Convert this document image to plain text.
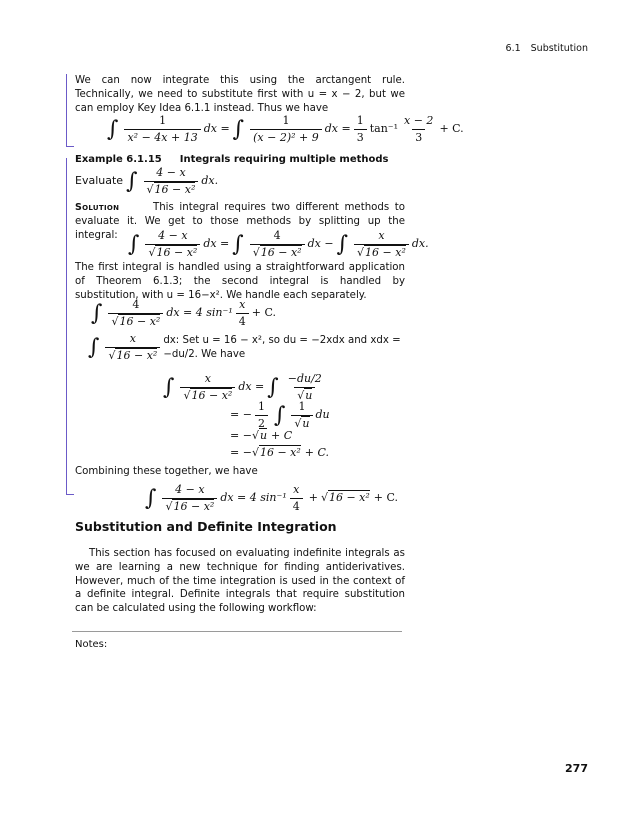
6.1 Substitution
We can now integrate this using the arctangent rule. Technically, we need to substitute first with u = x − 2, but we can employ Key Idea 6.1.1 instead. Thus we have
∫ $\frac{1}{\text{x² − 4x + 13}}$ dx = ∫ $\frac{1}{\text{(x − 2)² + 9}}$ dx = $\frac{1}{3} \tan^{-1} \frac{x - 2}{3} + C$.
Example 6.1.15 Integrals requiring multiple methods
Evaluate ∫ $\frac{4 - x}{\text{√16 − x²}}$ dx.
Solution	This integral requires two different methods to evaluate it. We get to those methods by splitting up the integral: ∫ $\frac{4 - x}{\text{√16 − x²}}$ dx = ∫ $\frac{4}{\text{√16 − x²}}$ dx − ∫ $\frac{x}{\text{√16 − x²}}$ dx.
The first integral is handled using a straightforward application of Theorem 6.1.3; the second integral is handled by substitution, with u = 16−x². We handle each separately.
∫ $\frac{4}{\text{√16 − x²}}$ dx = 4 $\sin^{-1} \frac{x}{4} + C$.
∫ $\frac{x}{\text{√16 − x²}}$ dx: Set u = 16 − x², so du = −2xdx and xdx = −du/2. We have
∫ $\frac{x}{\text{√16 − x²}}$ dx = ∫ $\frac{-du/2}{√u}$
= − $\frac{1}{2}$ ∫ $\frac{1}{√u}$ du
= − √u + C
= − √16 − x² + C.
Combining these together, we have
∫ $\frac{4 - x}{\text{√16 − x²}}$ dx = 4 $\sin^{-1} \frac{x}{4} + √16 - x^2 + C$.
Substitution and Definite Integration
This section has focused on evaluating indefinite integrals as we are learning a new technique for finding antiderivatives. However, much of the time integration is used in the context of a definite integral. Definite integrals that require substitution can be calculated using the following workflow:
Notes:
277
